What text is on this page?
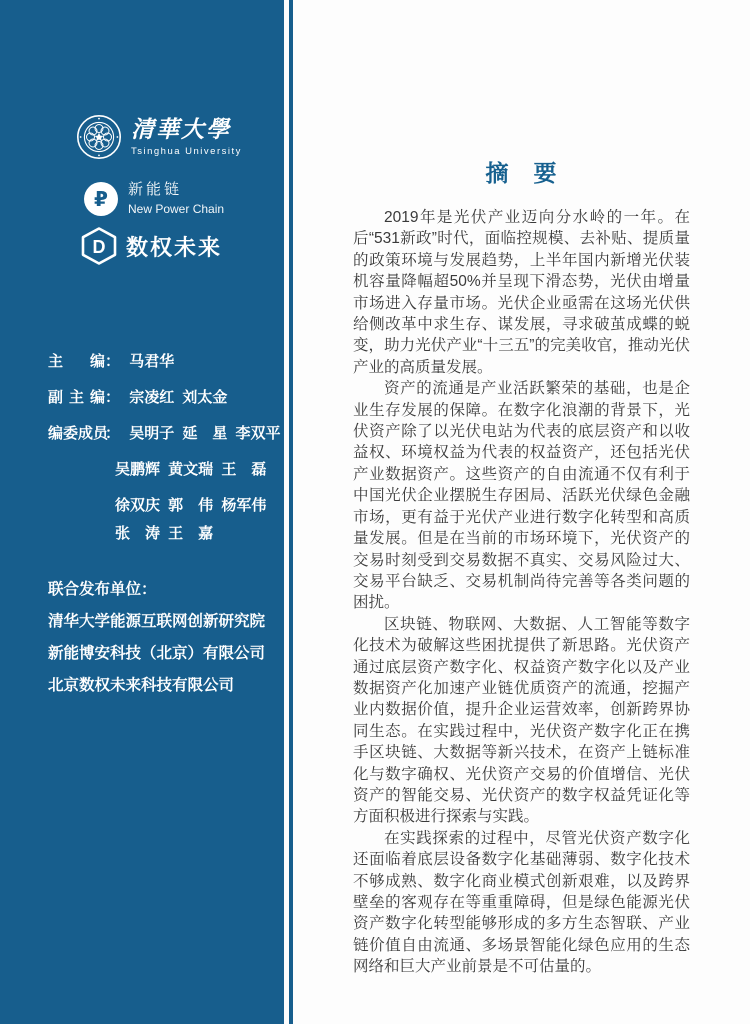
清華大學
Tsinghua University
₽ 新能链
New Power Chain
D 数权未来
主 编： 马君华
副 主 编： 宗凌红 刘太金
编委成员： 吴明子 延　星 李双平
吴鹏辉 黄文瑞 王　磊
徐双庆 郭　伟 杨军伟
张　涛 王　嘉
联合发布单位：
清华大学能源互联网创新研究院
新能博安科技（北京）有限公司
北京数权未来科技有限公司
摘　要

2019年是光伏产业迈向分水岭的一年。在后“531新政”时代，面临控规模、去补贴、提质量的政策环境与发展趋势，上半年国内新增光伏装机容量降幅超50%并呈现下滑态势，光伏由增量市场进入存量市场。光伏企业亟需在这场光伏供给侧改革中求生存、谋发展，寻求破茧成蝶的蜕变，助力光伏产业“十三五”的完美收官，推动光伏产业的高质量发展。

资产的流通是产业活跃繁荣的基础，也是企业生存发展的保障。在数字化浪潮的背景下，光伏资产除了以光伏电站为代表的底层资产和以收益权、环境权益为代表的权益资产，还包括光伏产业数据资产。这些资产的自由流通不仅有利于中国光伏企业摆脱生存困局、活跃光伏绿色金融市场，更有益于光伏产业进行数字化转型和高质量发展。但是在当前的市场环境下，光伏资产的交易时刻受到交易数据不真实、交易风险过大、交易平台缺乏、交易机制尚待完善等各类问题的困扰。

区块链、物联网、大数据、人工智能等数字化技术为破解这些困扰提供了新思路。光伏资产通过底层资产数字化、权益资产数字化以及产业数据资产化加速产业链优质资产的流通，挖掘产业内数据价值，提升企业运营效率，创新跨界协同生态。在实践过程中，光伏资产数字化正在携手区块链、大数据等新兴技术，在资产上链标准化与数字确权、光伏资产交易的价值增信、光伏资产的智能交易、光伏资产的数字权益凭证化等方面积极进行探索与实践。

在实践探索的过程中，尽管光伏资产数字化还面临着底层设备数字化基础薄弱、数字化技术不够成熟、数字化商业模式创新艰难，以及跨界壁垒的客观存在等重重障碍，但是绿色能源光伏资产数字化转型能够形成的多方生态智联、产业链价值自由流通、多场景智能化绿色应用的生态网络和巨大产业前景是不可估量的。
